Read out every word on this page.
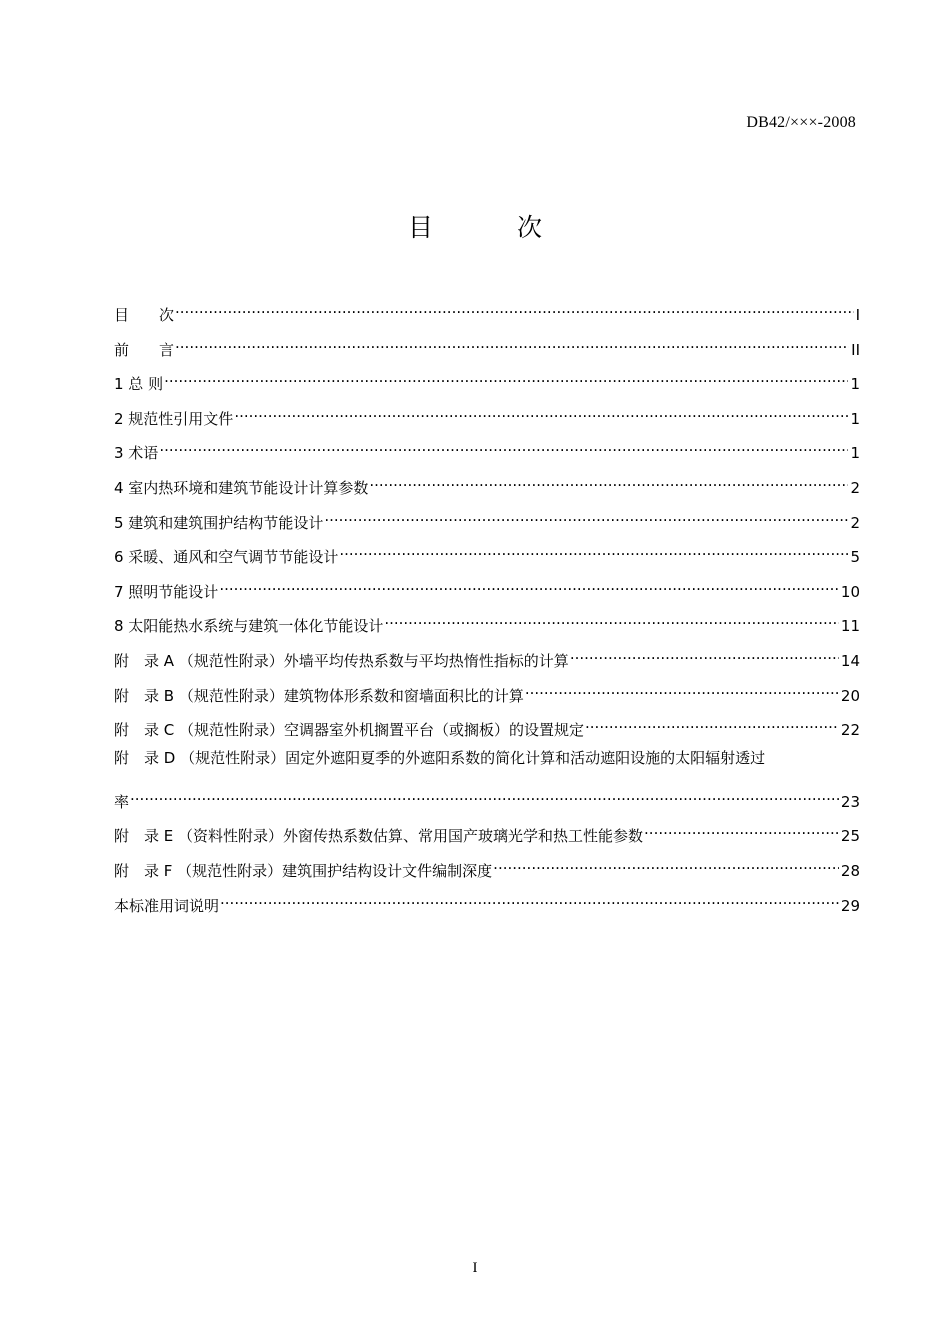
DB42/×××-2008
目 次
目　　次 .....	I
前　　言 .....	II
1 总 则 .....	1
2 规范性引用文件 .....	1
3 术语 .....	1
4 室内热环境和建筑节能设计计算参数 .....	2
5 建筑和建筑围护结构节能设计 .....	2
6 采暖、通风和空气调节节能设计 .....	5
7 照明节能设计 .....	10
8 太阳能热水系统与建筑一体化节能设计 .....	11
附　录 A （规范性附录）外墙平均传热系数与平均热惰性指标的计算 .....	14
附　录 B （规范性附录）建筑物体形系数和窗墙面积比的计算 .....	20
附　录 C （规范性附录）空调器室外机搁置平台（或搁板）的设置规定 .....	22
附　录 D （规范性附录）固定外遮阳夏季的外遮阳系数的简化计算和活动遮阳设施的太阳辐射透过
率 .....	23
附　录 E （资料性附录）外窗传热系数估算、常用国产玻璃光学和热工性能参数 .....	25
附　录 F （规范性附录）建筑围护结构设计文件编制深度 .....	28
本标准用词说明 .....	29
I
